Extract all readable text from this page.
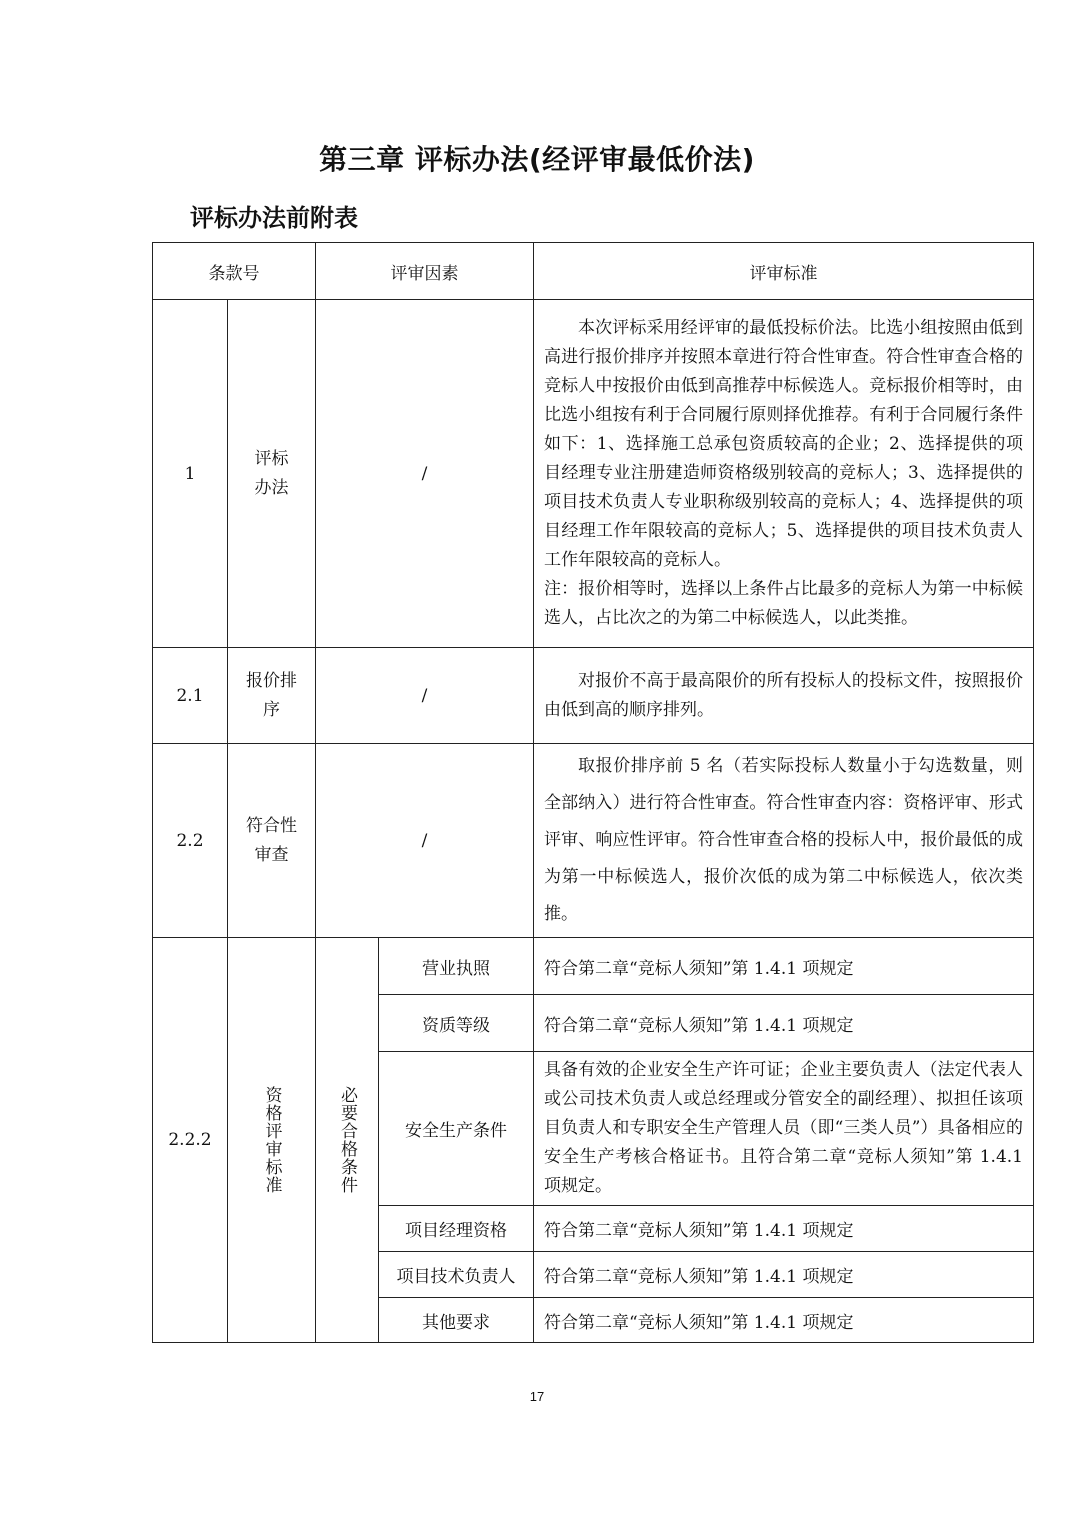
第三章 评标办法(经评审最低价法)
评标办法前附表
条款号		评审因素		评审标准
1	评标办法	/		本次评标采用经评审的最低投标价法。比选小组按照由低到高进行报价排序并按照本章进行符合性审查。符合性审查合格的竞标人中按报价由低到高推荐中标候选人。竞标报价相等时，由比选小组按有利于合同履行原则择优推荐。有利于合同履行条件如下：1、选择施工总承包资质较高的企业；2、选择提供的项目经理专业注册建造师资格级别较高的竞标人；3、选择提供的项目技术负责人专业职称级别较高的竞标人；4、选择提供的项目经理工作年限较高的竞标人；5、选择提供的项目技术负责人工作年限较高的竞标人。
注：报价相等时，选择以上条件占比最多的竞标人为第一中标候选人，占比次之的为第二中标候选人，以此类推。

2.1	报价排序	/		对报价不高于最高限价的所有投标人的投标文件，按照报价由低到高的顺序排列。
2.2	符合性审查	/		取报价排序前 5 名（若实际投标人数量小于勾选数量，则全部纳入）进行符合性审查。符合性审查内容：资格评审、形式评审、响应性评审。符合性审查合格的投标人中，报价最低的成为第一中标候选人，报价次低的成为第二中标候选人，依次类推。
2.2.2	资格评审标准	必要合格条件	营业执照	符合第二章“竞标人须知”第 1.4.1 项规定
			资质等级	符合第二章“竞标人须知”第 1.4.1 项规定
			安全生产条件	具备有效的企业安全生产许可证；企业主要负责人（法定代表人或公司技术负责人或总经理或分管安全的副经理）、拟担任该项目负责人和专职安全生产管理人员（即“三类人员”）具备相应的安全生产考核合格证书。且符合第二章“竞标人须知”第 1.4.1 项规定。
			项目经理资格	符合第二章“竞标人须知”第 1.4.1 项规定
			项目技术负责人	符合第二章“竞标人须知”第 1.4.1 项规定
			其他要求	符合第二章“竞标人须知”第 1.4.1 项规定
17
